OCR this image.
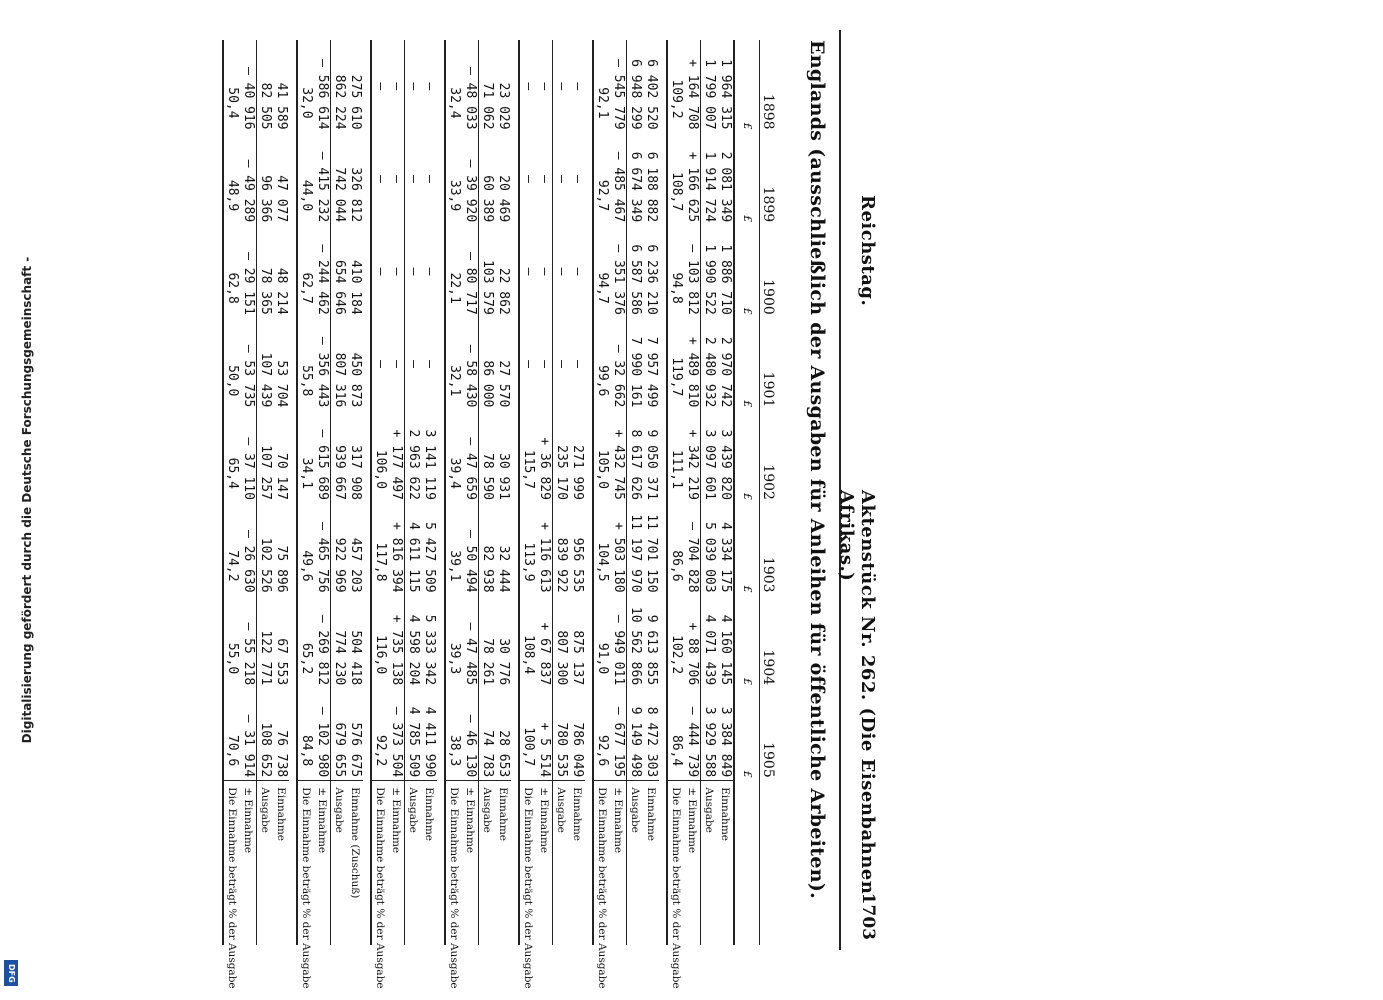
Digitalisierung gefördert durch die Deutsche Forschungsgemeinschaft -
DFG
Reichstag.
Aktenstück Nr. 262. (Die Eisenbahnen Afrikas.)
1703
Englands (ausschließlich der Ausgaben für Anleihen für öffentliche Arbeiten).
1898	1899	1900	1901	1902	1903	1904	1905	
£	£	£	£	£	£	£	£	
1 964 315	2 081 349	1 886 710	2 970 742	3 439 820	4 334 175	4 160 145	3 384 849	Einnahme
1 799 007	1 914 724	1 990 522	2 480 932	3 097 601	5 039 003	4 071 439	3 929 588	Ausgabe
+ 164 708	+ 166 625	— 103 812	+ 489 810	+ 342 219	— 704 828	+ 88 706	— 444 739	± Einnahme
109,2	108,7	94,8	119,7	111,1	86,6	102,2	86,4	Die Einnahme beträgt % der Ausgabe

6 402 520	6 188 882	6 236 210	7 957 499	9 050 371	11 701 150	9 613 855	8 472 303	Einnahme
6 948 299	6 674 349	6 587 586	7 990 161	8 617 626	11 197 970	10 562 866	9 149 498	Ausgabe
— 545 779	— 485 467	— 351 376	— 32 662	+ 432 745	+ 503 180	— 949 011	— 677 195	± Einnahme
92,1	92,7	94,7	99,6	105,0	104,5	91,0	92,6	Die Einnahme beträgt % der Ausgabe

—	—	—	—	271 999	956 535	875 137	786 049	Einnahme
—	—	—	—	235 170	839 922	807 300	780 535	Ausgabe
—	—	—	—	+ 36 829	+ 116 613	+ 67 837	+ 5 514	± Einnahme
—	—	—	—	115,7	113,9	108,4	100,7	Die Einnahme beträgt % der Ausgabe

23 029	20 469	22 862	27 570	30 931	32 444	30 776	28 653	Einnahme
71 062	60 389	103 579	86 000	78 590	82 938	78 261	74 783	Ausgabe
— 48 033	— 39 920	— 80 717	— 58 430	— 47 659	— 50 494	— 47 485	— 46 130	± Einnahme
32,4	33,9	22,1	32,1	39,4	39,1	39,3	38,3	Die Einnahme beträgt % der Ausgabe

—	—	—	—	3 141 119	5 427 509	5 333 342	4 411 990	Einnahme
—	—	—	—	2 963 622	4 611 115	4 598 204	4 785 509	Ausgabe
—	—	—	—	+ 177 497	+ 816 394	+ 735 138	— 373 504	± Einnahme
—	—	—	—	106,0	117,8	116,0	92,2	Die Einnahme beträgt % der Ausgabe

275 610	326 812	410 184	450 873	317 908	457 203	504 418	576 675	Einnahme (Zuschuß)
862 224	742 044	654 646	807 316	939 667	922 969	774 230	679 655	Ausgabe
— 586 614	— 415 232	— 244 462	— 356 443	— 615 689	— 465 756	— 269 812	— 102 980	± Einnahme
32,0	44,0	62,7	55,8	34,1	49,6	65,2	84,8	Die Einnahme beträgt % der Ausgabe

41 589	47 077	48 214	53 704	70 147	75 896	67 553	76 738	Einnahme
82 505	96 366	78 365	107 439	107 257	102 526	122 771	108 652	Ausgabe
— 40 916	— 49 289	— 29 151	— 53 735	— 37 110	— 26 630	— 55 218	— 31 914	± Einnahme
50,4	48,9	62,8	50,0	65,4	74,2	55,0	70,6	Die Einnahme beträgt % der Ausgabe
